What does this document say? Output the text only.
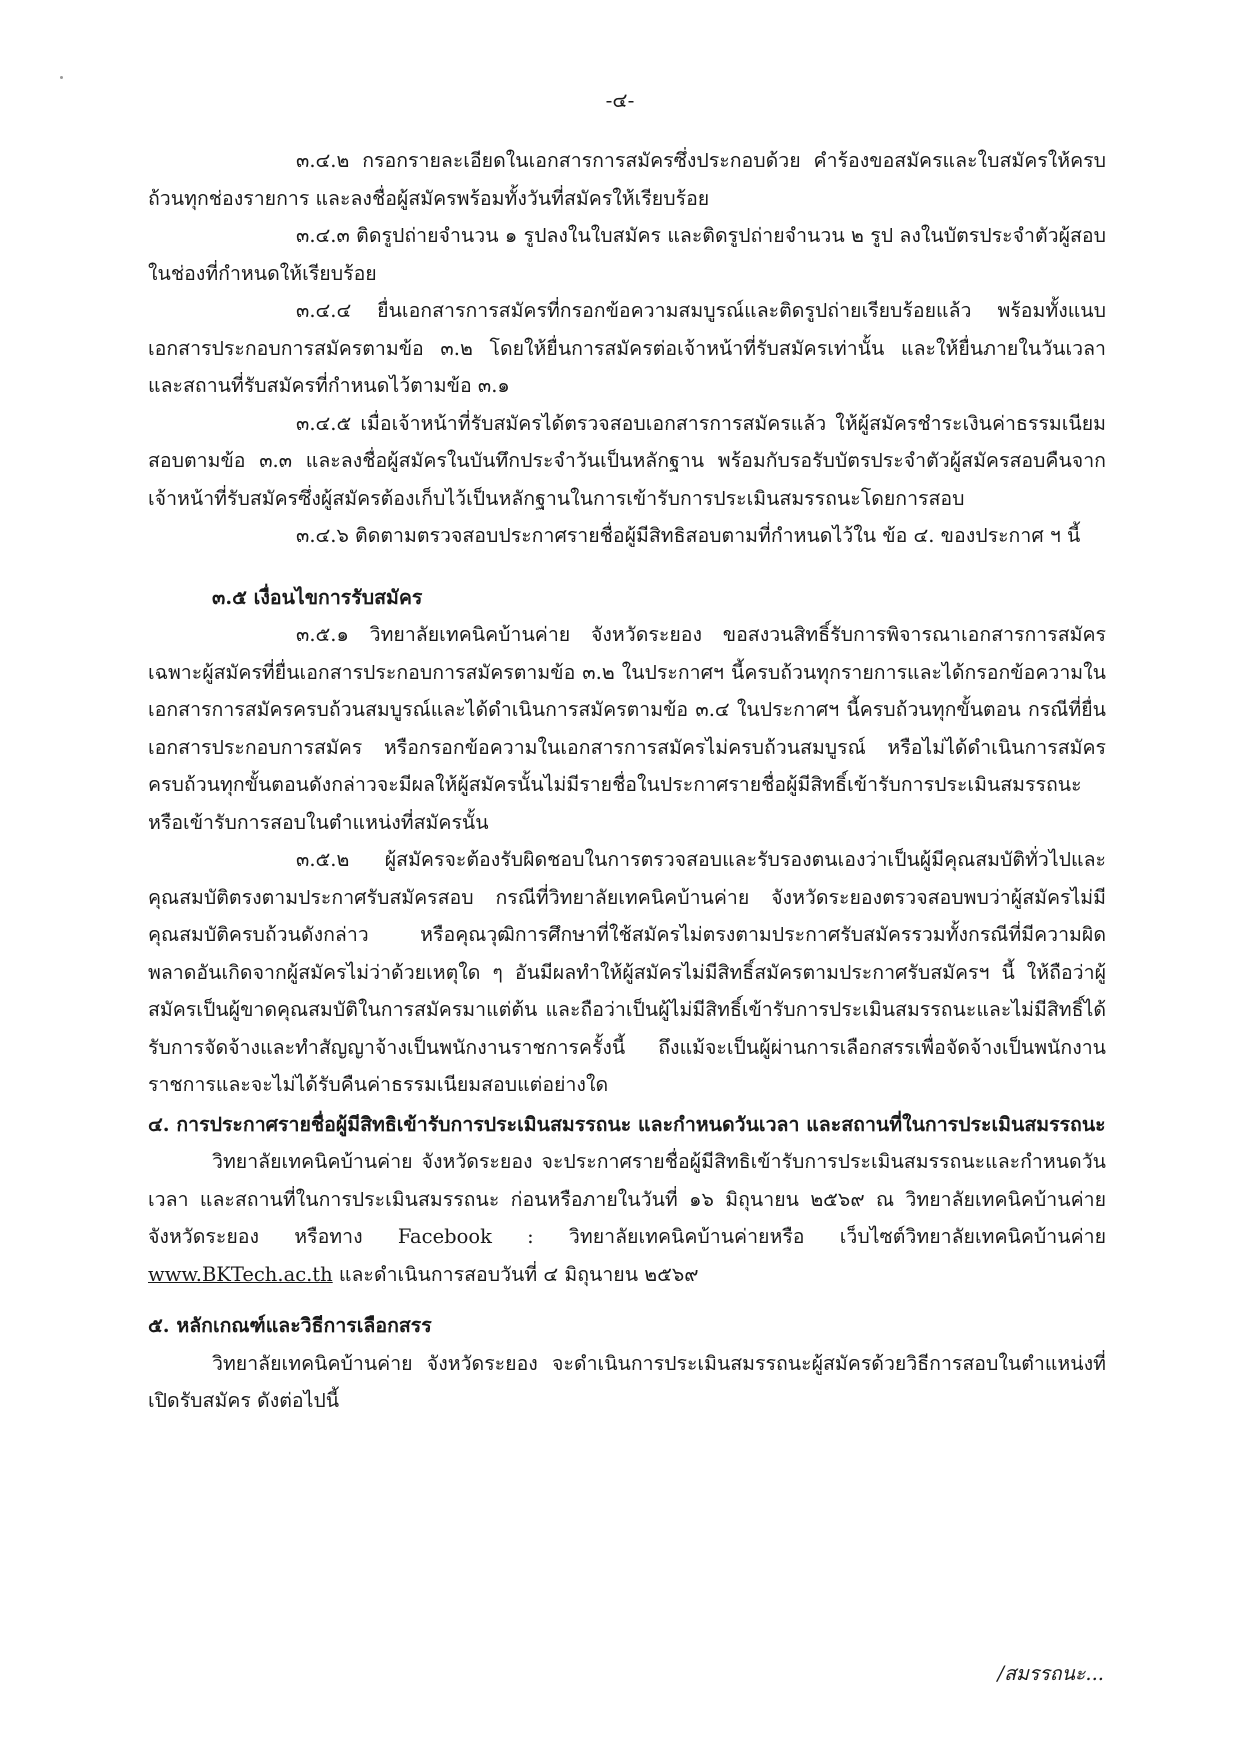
-๔-

๓.๔.๒ กรอกรายละเอียดในเอกสารการสมัครซึ่งประกอบด้วย คำร้องขอสมัครและใบสมัครให้ครบถ้วนทุกช่องรายการ และลงชื่อผู้สมัครพร้อมทั้งวันที่สมัครให้เรียบร้อย

๓.๔.๓ ติดรูปถ่ายจำนวน ๑ รูปลงในใบสมัคร และติดรูปถ่ายจำนวน ๒ รูป ลงในบัตรประจำตัวผู้สอบในช่องที่กำหนดให้เรียบร้อย

๓.๔.๔ ยื่นเอกสารการสมัครที่กรอกข้อความสมบูรณ์และติดรูปถ่ายเรียบร้อยแล้ว พร้อมทั้งแนบเอกสารประกอบการสมัครตามข้อ ๓.๒ โดยให้ยื่นการสมัครต่อเจ้าหน้าที่รับสมัครเท่านั้น และให้ยื่นภายในวันเวลาและสถานที่รับสมัครที่กำหนดไว้ตามข้อ ๓.๑

๓.๔.๕ เมื่อเจ้าหน้าที่รับสมัครได้ตรวจสอบเอกสารการสมัครแล้ว ให้ผู้สมัครชำระเงินค่าธรรมเนียมสอบตามข้อ ๓.๓ และลงชื่อผู้สมัครในบันทึกประจำวันเป็นหลักฐาน พร้อมกับรอรับบัตรประจำตัวผู้สมัครสอบคืนจากเจ้าหน้าที่รับสมัครซึ่งผู้สมัครต้องเก็บไว้เป็นหลักฐานในการเข้ารับการประเมินสมรรถนะโดยการสอบ

๓.๔.๖ ติดตามตรวจสอบประกาศรายชื่อผู้มีสิทธิสอบตามที่กำหนดไว้ใน ข้อ ๔. ของประกาศ ฯ นี้

๓.๕ เงื่อนไขการรับสมัคร

๓.๕.๑ วิทยาลัยเทคนิคบ้านค่าย จังหวัดระยอง ขอสงวนสิทธิ์รับการพิจารณาเอกสารการสมัครเฉพาะผู้สมัครที่ยื่นเอกสารประกอบการสมัครตามข้อ ๓.๒ ในประกาศฯ นี้ครบถ้วนทุกรายการและได้กรอกข้อความในเอกสารการสมัครครบถ้วนสมบูรณ์และได้ดำเนินการสมัครตามข้อ ๓.๔ ในประกาศฯ นี้ครบถ้วนทุกขั้นตอน กรณีที่ยื่นเอกสารประกอบการสมัคร หรือกรอกข้อความในเอกสารการสมัครไม่ครบถ้วนสมบูรณ์ หรือไม่ได้ดำเนินการสมัครครบถ้วนทุกขั้นตอนดังกล่าวจะมีผลให้ผู้สมัครนั้นไม่มีรายชื่อในประกาศรายชื่อผู้มีสิทธิ์เข้ารับการประเมินสมรรถนะหรือเข้ารับการสอบในตำแหน่งที่สมัครนั้น

๓.๕.๒ ผู้สมัครจะต้องรับผิดชอบในการตรวจสอบและรับรองตนเองว่าเป็นผู้มีคุณสมบัติทั่วไปและคุณสมบัติตรงตามประกาศรับสมัครสอบ กรณีที่วิทยาลัยเทคนิคบ้านค่าย จังหวัดระยองตรวจสอบพบว่าผู้สมัครไม่มีคุณสมบัติครบถ้วนดังกล่าว หรือคุณวุฒิการศึกษาที่ใช้สมัครไม่ตรงตามประกาศรับสมัครรวมทั้งกรณีที่มีความผิดพลาดอันเกิดจากผู้สมัครไม่ว่าด้วยเหตุใด ๆ อันมีผลทำให้ผู้สมัครไม่มีสิทธิ์สมัครตามประกาศรับสมัครฯ นี้ ให้ถือว่าผู้สมัครเป็นผู้ขาดคุณสมบัติในการสมัครมาแต่ต้น และถือว่าเป็นผู้ไม่มีสิทธิ์เข้ารับการประเมินสมรรถนะและไม่มีสิทธิ์ได้รับการจัดจ้างและทำสัญญาจ้างเป็นพนักงานราชการครั้งนี้ ถึงแม้จะเป็นผู้ผ่านการเลือกสรรเพื่อจัดจ้างเป็นพนักงานราชการและจะไม่ได้รับคืนค่าธรรมเนียมสอบแต่อย่างใด

๔. การประกาศรายชื่อผู้มีสิทธิเข้ารับการประเมินสมรรถนะ และกำหนดวันเวลา และสถานที่ในการประเมินสมรรถนะ

วิทยาลัยเทคนิคบ้านค่าย จังหวัดระยอง จะประกาศรายชื่อผู้มีสิทธิเข้ารับการประเมินสมรรถนะและกำหนดวัน เวลา และสถานที่ในการประเมินสมรรถนะ ก่อนหรือภายในวันที่ ๑๖ มิถุนายน ๒๕๖๙ ณ วิทยาลัยเทคนิคบ้านค่าย จังหวัดระยอง หรือทาง Facebook : วิทยาลัยเทคนิคบ้านค่ายหรือ เว็บไซต์วิทยาลัยเทคนิคบ้านค่าย www.BKTech.ac.th และดำเนินการสอบวันที่ ๔ มิถุนายน ๒๕๖๙

๕. หลักเกณฑ์และวิธีการเลือกสรร

วิทยาลัยเทคนิคบ้านค่าย จังหวัดระยอง จะดำเนินการประเมินสมรรถนะผู้สมัครด้วยวิธีการสอบในตำแหน่งที่เปิดรับสมัคร ดังต่อไปนี้

/สมรรถนะ...
